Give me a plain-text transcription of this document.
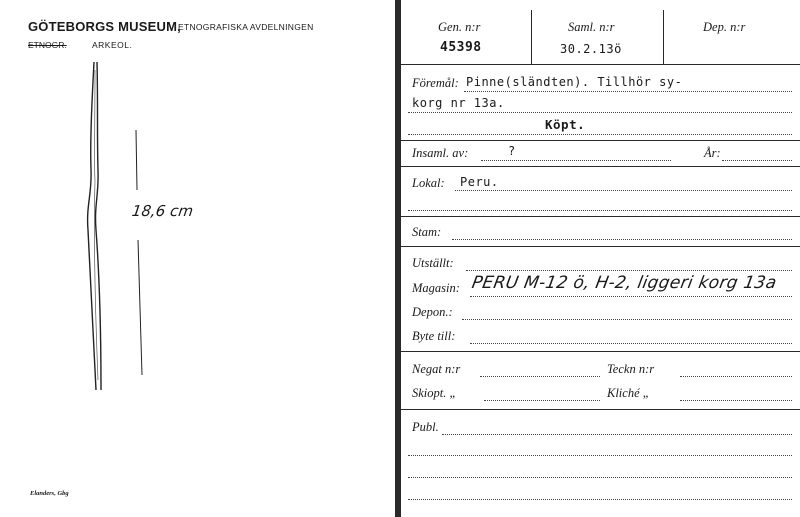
GÖTEBORGS MUSEUM,
ETNOGRAFISKA AVDELNINGEN
ETNOGR.	ARKEOL.
18,6 cm
Elanders, Gbg
Gen. n:r
45398
Saml. n:r
30.2.13ö
Dep. n:r
Föremål: Pinne(sländten). Tillhör sy-
korg nr 13a.
Köpt.
Insaml. av:	?	År:
Lokal: Peru.
Stam:
Utställt:
Magasin: PERU M-12 ö, H-2, liggeri korg 13a
Depon.:
Byte till:
Negat n:r	Teckn n:r
Skiopt. „	Kliché „
Publ.
